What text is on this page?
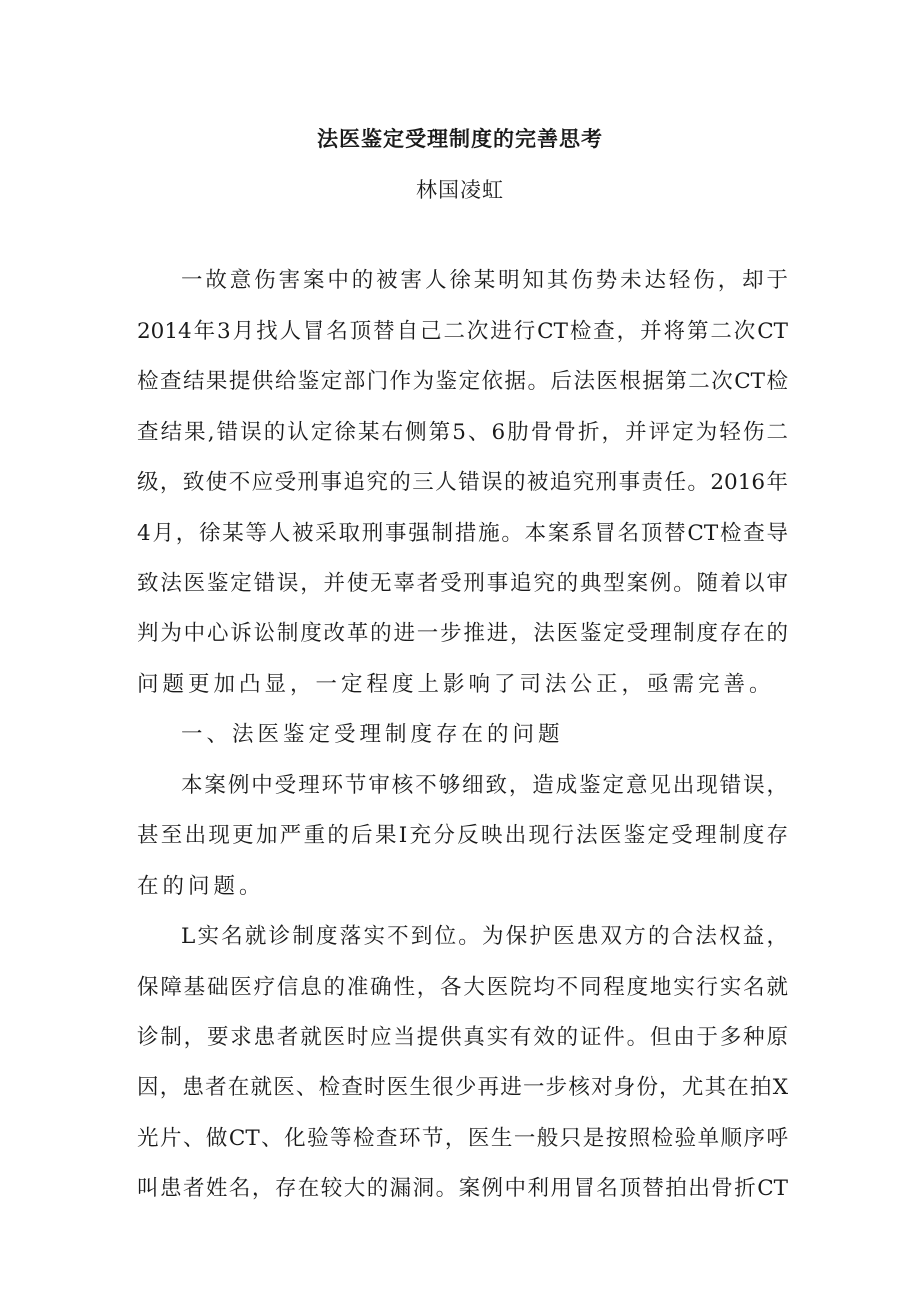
法医鉴定受理制度的完善思考
林国凌虹
一故意伤害案中的被害人徐某明知其伤势未达轻伤，却于
2014年3月找人冒名顶替自己二次进行CT检查，并将第二次CT
检查结果提供给鉴定部门作为鉴定依据。后法医根据第二次CT检
查结果,错误的认定徐某右侧第5、6肋骨骨折，并评定为轻伤二
级，致使不应受刑事追究的三人错误的被追究刑事责任。2016年
4月，徐某等人被采取刑事强制措施。本案系冒名顶替CT检查导
致法医鉴定错误，并使无辜者受刑事追究的典型案例。随着以审
判为中心诉讼制度改革的进一步推进，法医鉴定受理制度存在的
问题更加凸显，一定程度上影响了司法公正，亟需完善。
一、法医鉴定受理制度存在的问题
本案例中受理环节审核不够细致，造成鉴定意见出现错误，
甚至出现更加严重的后果I充分反映出现行法医鉴定受理制度存
在的问题。
L实名就诊制度落实不到位。为保护医患双方的合法权益，
保障基础医疗信息的准确性，各大医院均不同程度地实行实名就
诊制，要求患者就医时应当提供真实有效的证件。但由于多种原
因，患者在就医、检查时医生很少再进一步核对身份，尤其在拍X
光片、做CT、化验等检查环节，医生一般只是按照检验单顺序呼
叫患者姓名，存在较大的漏洞。案例中利用冒名顶替拍出骨折CT
